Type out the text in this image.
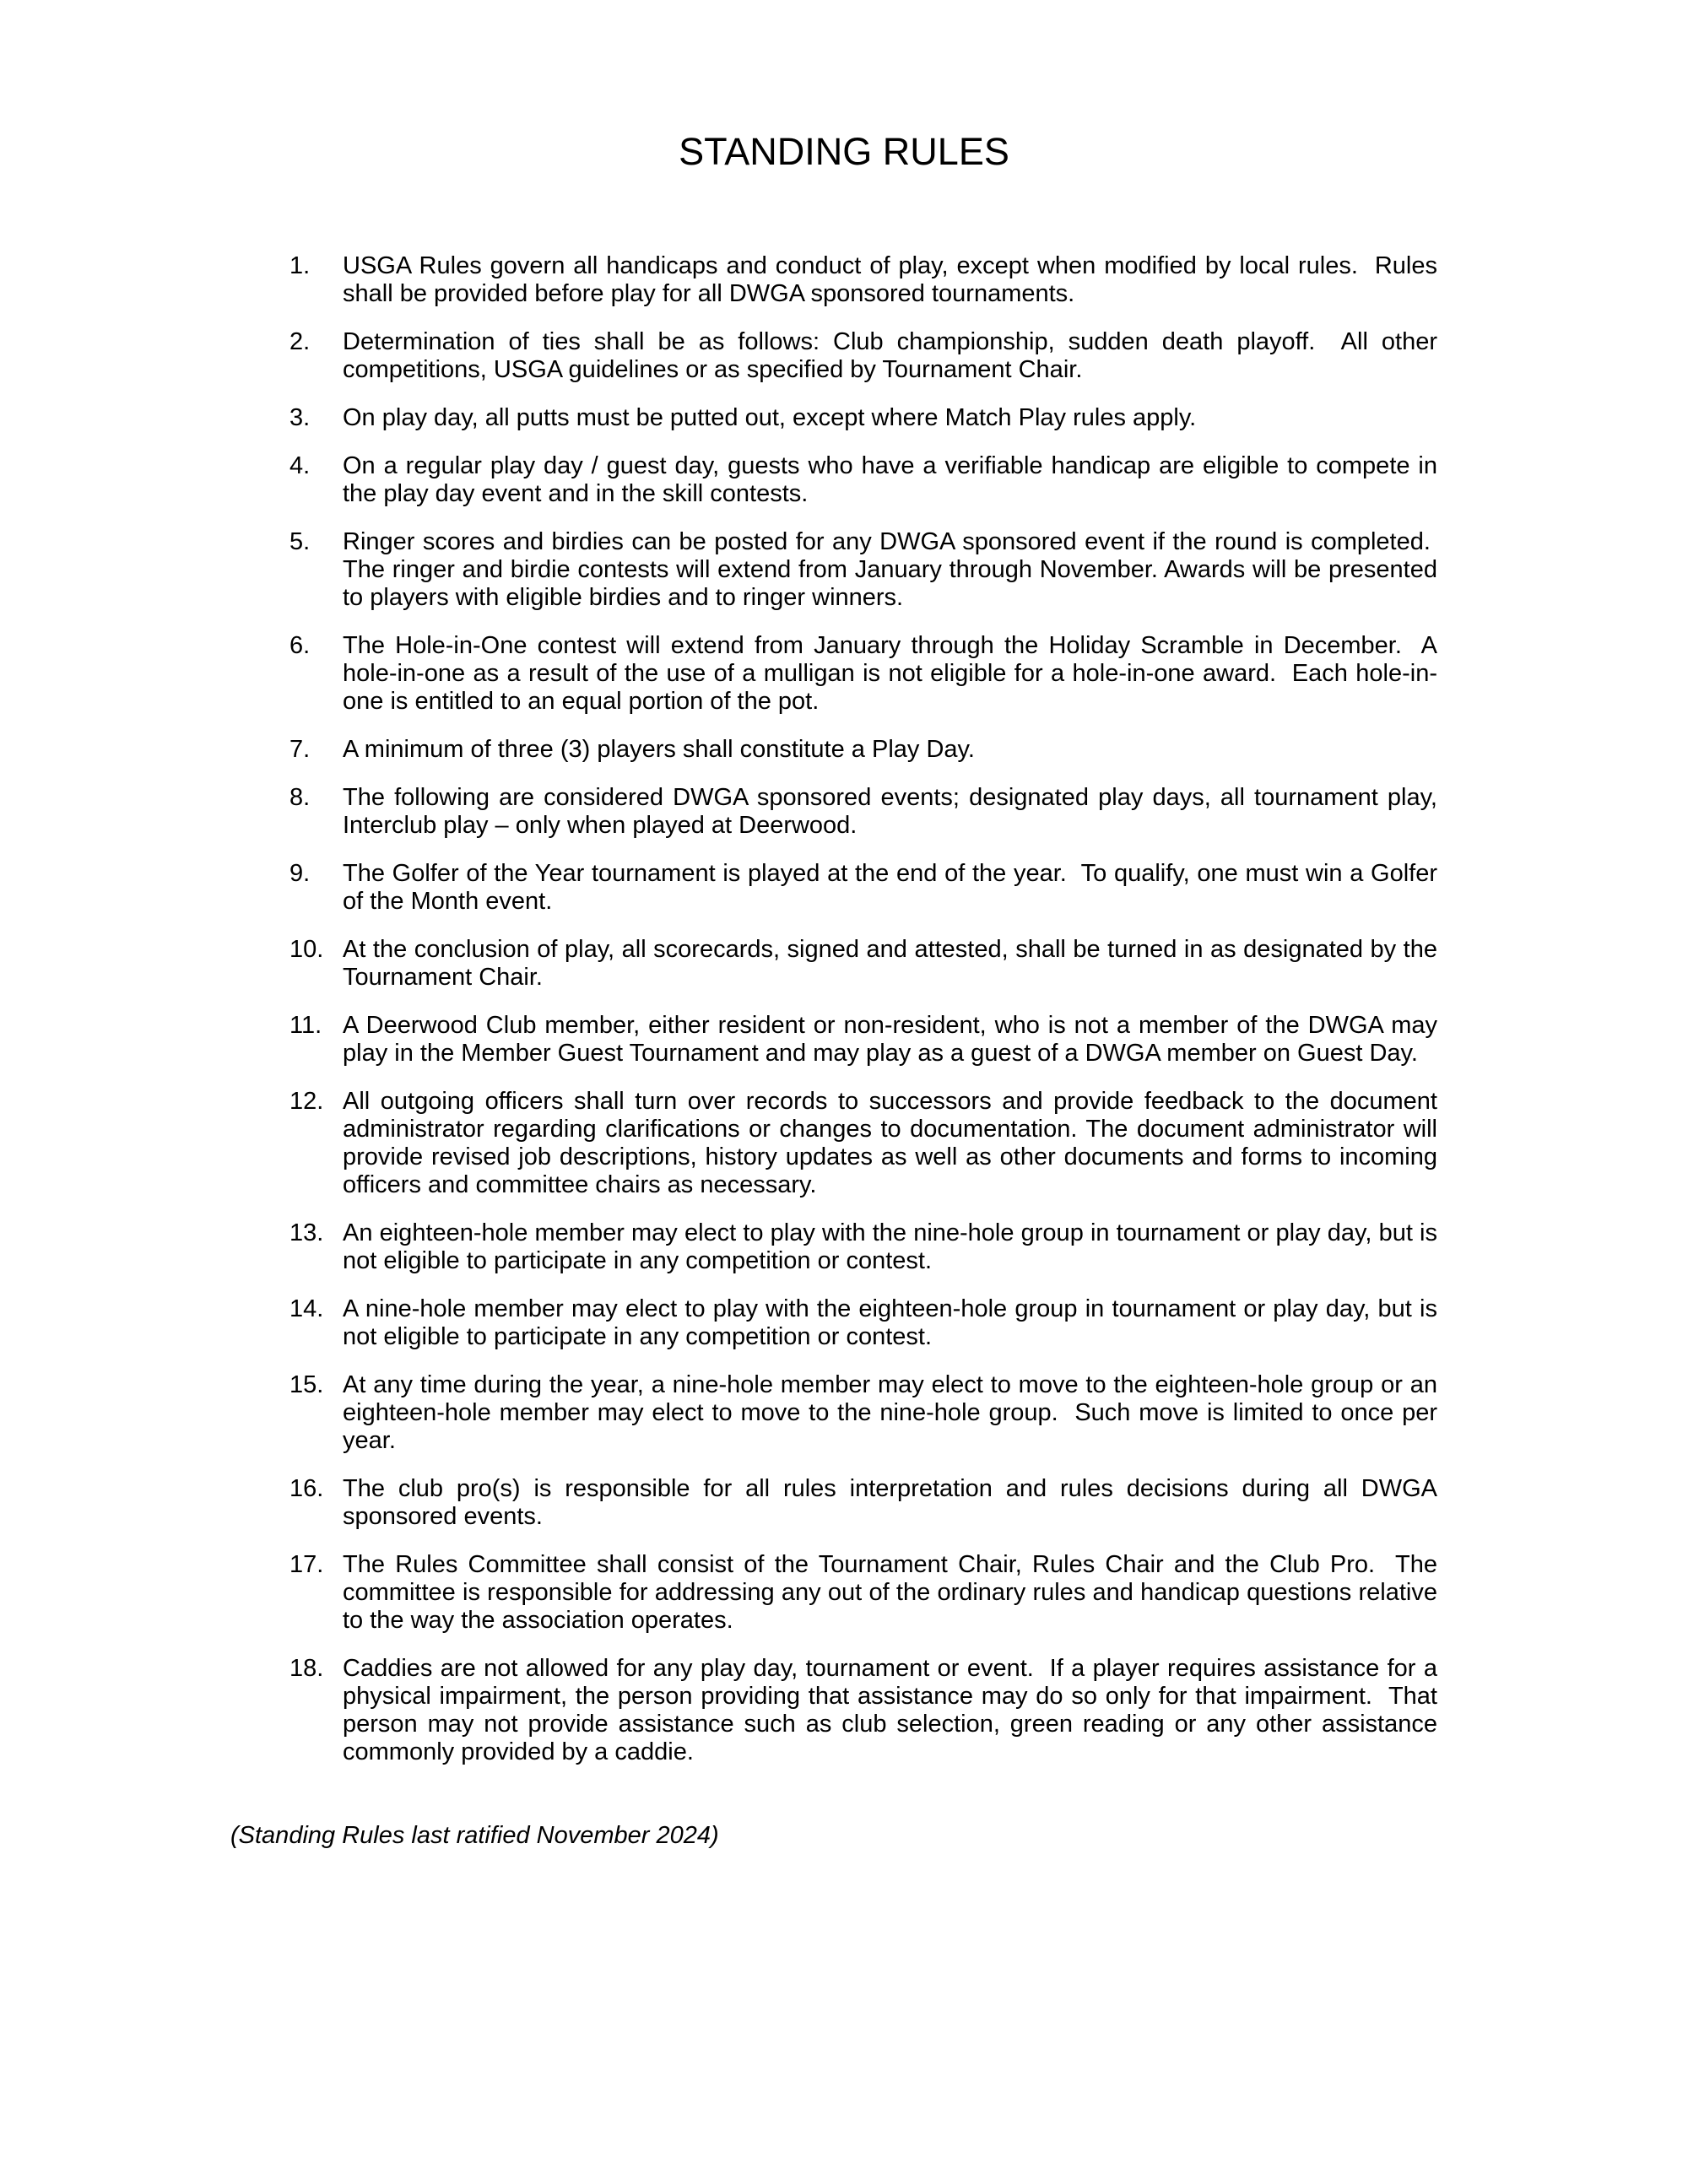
STANDING RULES
1.	USGA Rules govern all handicaps and conduct of play, except when modified by local rules.  Rules shall be provided before play for all DWGA sponsored tournaments.
2.	Determination of ties shall be as follows: Club championship, sudden death playoff.  All other competitions, USGA guidelines or as specified by Tournament Chair.
3.	On play day, all putts must be putted out, except where Match Play rules apply.
4.	On a regular play day / guest day, guests who have a verifiable handicap are eligible to compete in the play day event and in the skill contests.
5.	Ringer scores and birdies can be posted for any DWGA sponsored event if the round is completed.  The ringer and birdie contests will extend from January through November. Awards will be presented to players with eligible birdies and to ringer winners.
6.	The Hole-in-One contest will extend from January through the Holiday Scramble in December.  A hole-in-one as a result of the use of a mulligan is not eligible for a hole-in-one award.  Each hole-in-one is entitled to an equal portion of the pot.
7.	A minimum of three (3) players shall constitute a Play Day.
8.	The following are considered DWGA sponsored events; designated play days, all tournament play, Interclub play – only when played at Deerwood.
9.	The Golfer of the Year tournament is played at the end of the year.  To qualify, one must win a Golfer of the Month event.
10. At the conclusion of play, all scorecards, signed and attested, shall be turned in as designated by the Tournament Chair.
11. A Deerwood Club member, either resident or non-resident, who is not a member of the DWGA may play in the Member Guest Tournament and may play as a guest of a DWGA member on Guest Day.
12. All outgoing officers shall turn over records to successors and provide feedback to the document administrator regarding clarifications or changes to documentation. The document administrator will provide revised job descriptions, history updates as well as other documents and forms to incoming officers and committee chairs as necessary.
13. An eighteen-hole member may elect to play with the nine-hole group in tournament or play day, but is not eligible to participate in any competition or contest.
14. A nine-hole member may elect to play with the eighteen-hole group in tournament or play day, but is not eligible to participate in any competition or contest.
15. At any time during the year, a nine-hole member may elect to move to the eighteen-hole group or an eighteen-hole member may elect to move to the nine-hole group.  Such move is limited to once per year.
16. The club pro(s) is responsible for all rules interpretation and rules decisions during all DWGA sponsored events.
17. The Rules Committee shall consist of the Tournament Chair, Rules Chair and the Club Pro.  The committee is responsible for addressing any out of the ordinary rules and handicap questions relative to the way the association operates.
18. Caddies are not allowed for any play day, tournament or event.  If a player requires assistance for a physical impairment, the person providing that assistance may do so only for that impairment.  That person may not provide assistance such as club selection, green reading or any other assistance commonly provided by a caddie.

(Standing Rules last ratified November 2024)
